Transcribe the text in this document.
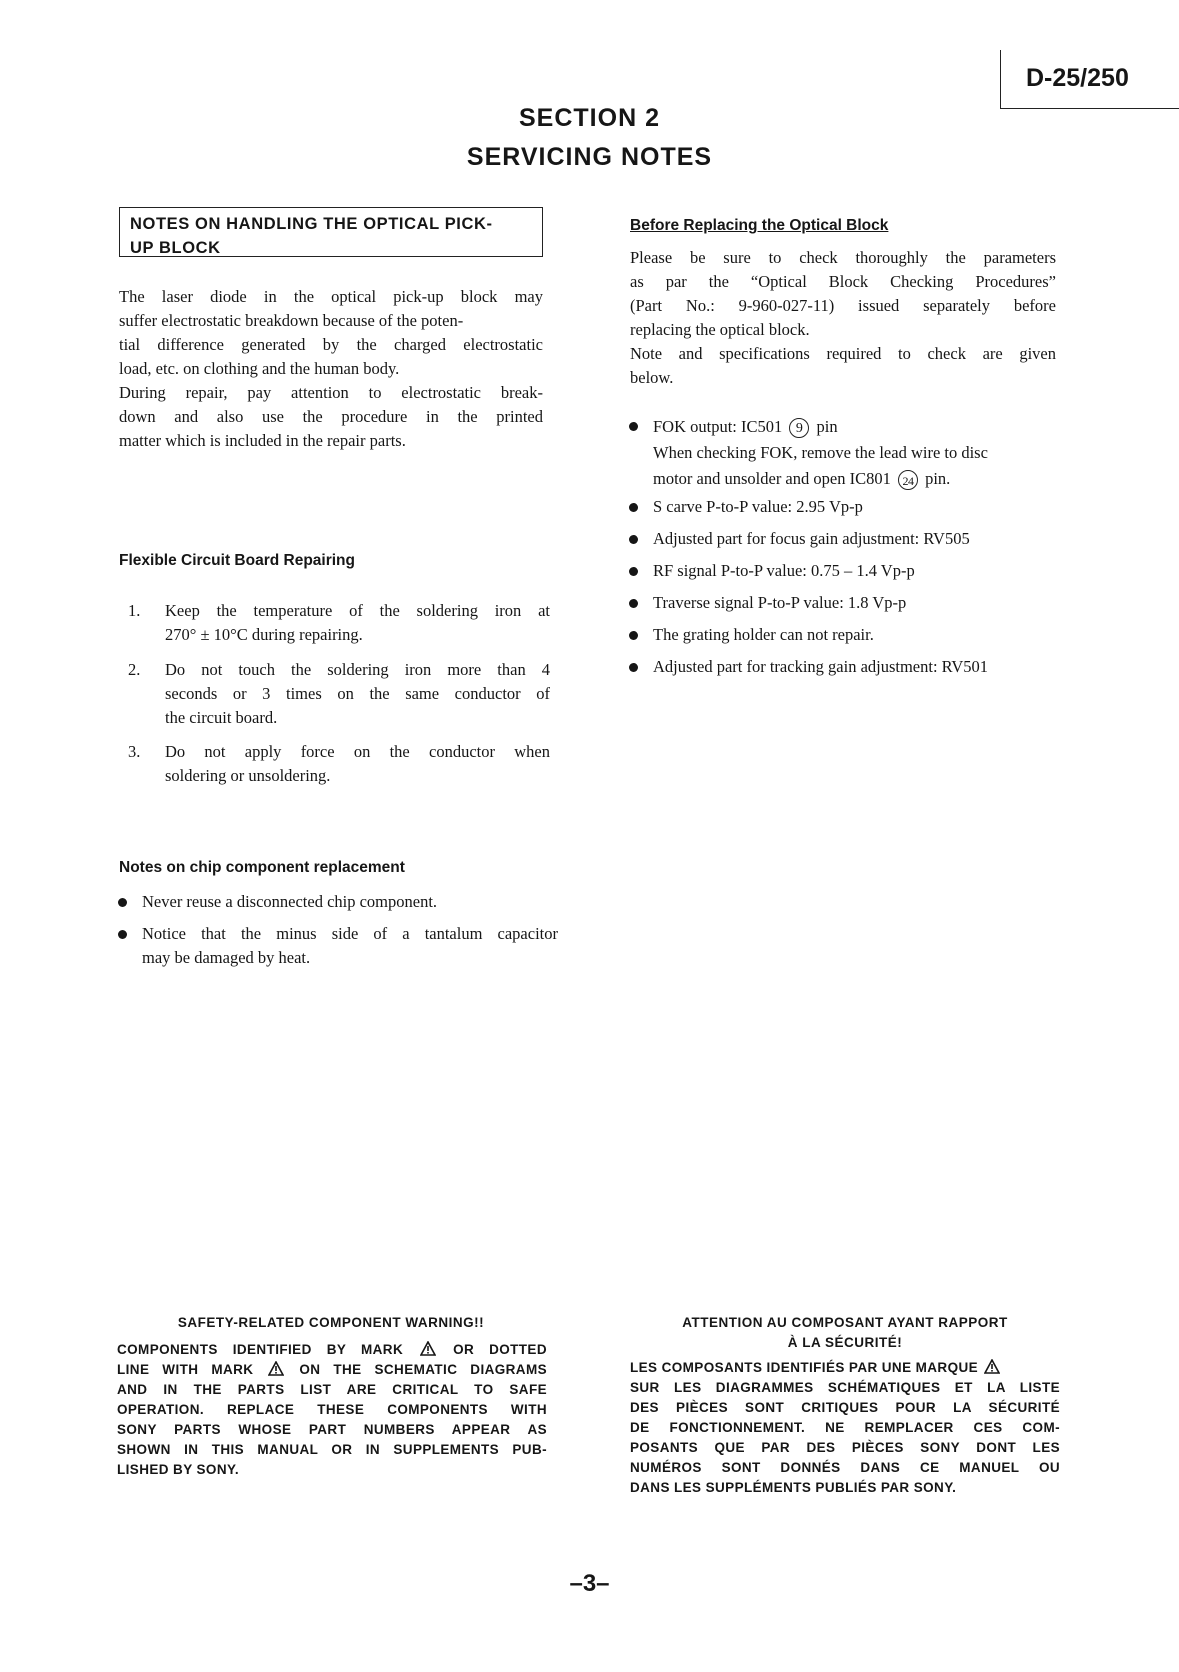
D-25/250
SECTION 2
SERVICING NOTES
NOTES ON HANDLING THE OPTICAL PICK-
UP BLOCK
The laser diode in the optical pick-up block may
suffer electrostatic breakdown because of the poten-
tial difference generated by the charged electrostatic
load, etc. on clothing and the human body.
During repair, pay attention to electrostatic break-
down and also use the procedure in the printed
matter which is included in the repair parts.
Flexible Circuit Board Repairing
1. Keep the temperature of the soldering iron at
270° ± 10°C during repairing.
2. Do not touch the soldering iron more than 4
seconds or 3 times on the same conductor of
the circuit board.
3. Do not apply force on the conductor when
soldering or unsoldering.
Notes on chip component replacement
Never reuse a disconnected chip component.
Notice that the minus side of a tantalum capacitor
may be damaged by heat.
Before Replacing the Optical Block
Please be sure to check thoroughly the parameters
as par the “Optical Block Checking Procedures”
(Part No.: 9-960-027-11) issued separately before
replacing the optical block.
Note and specifications required to check are given
below.
FOK output: IC501 9 pin
When checking FOK, remove the lead wire to disc
motor and unsolder and open IC801 24 pin.
S carve P-to-P value: 2.95 Vp-p
Adjusted part for focus gain adjustment: RV505
RF signal P-to-P value: 0.75 – 1.4 Vp-p
Traverse signal P-to-P value: 1.8 Vp-p
The grating holder can not repair.
Adjusted part for tracking gain adjustment: RV501
SAFETY-RELATED COMPONENT WARNING!!
COMPONENTS IDENTIFIED BY MARK	OR DOTTED
LINE WITH MARK	ON THE SCHEMATIC DIAGRAMS
AND IN THE PARTS LIST ARE CRITICAL TO SAFE
OPERATION. REPLACE THESE COMPONENTS WITH
SONY PARTS WHOSE PART NUMBERS APPEAR AS
SHOWN IN THIS MANUAL OR IN SUPPLEMENTS PUB-
LISHED BY SONY.
ATTENTION AU COMPOSANT AYANT RAPPORT
À LA SÉCURITÉ!
LES COMPOSANTS IDENTIFIÉS PAR UNE MARQUE
SUR LES DIAGRAMMES SCHÉMATIQUES ET LA LISTE
DES PIÈCES SONT CRITIQUES POUR LA SÉCURITÉ
DE FONCTIONNEMENT. NE REMPLACER CES COM-
POSANTS QUE PAR DES PIÈCES SONY DONT LES
NUMÉROS SONT DONNÉS DANS CE MANUEL OU
DANS LES SUPPLÉMENTS PUBLIÉS PAR SONY.
–3–
